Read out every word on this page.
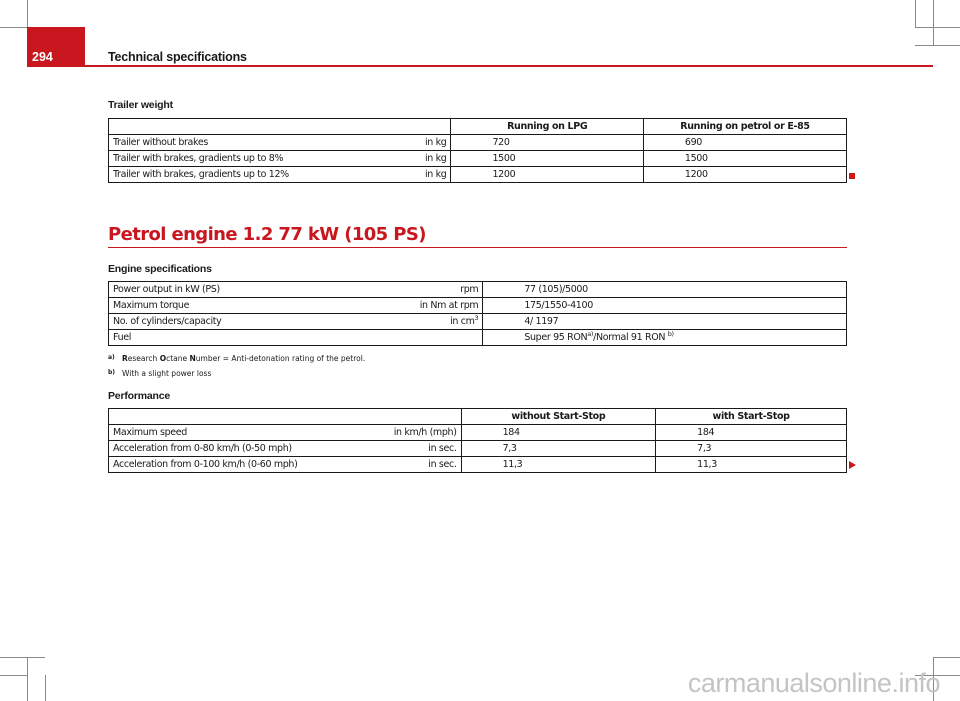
294	Technical specifications
Trailer weight
		Running on LPG	Running on petrol or E-85
Trailer without brakes	in kg	720	690
Trailer with brakes, gradients up to 8%	in kg	1500	1500
Trailer with brakes, gradients up to 12%	in kg	1200	1200
Petrol engine 1.2 77 kW (105 PS)
Engine specifications
Power output in kW (PS)	rpm	77 (105)/5000
Maximum torque	in Nm at rpm	175/1550-4100
No. of cylinders/capacity	in $cm^3$	4/ 1197
Fuel		Super 95 RON$^{a)}$/Normal 91 RON $^{b)}$
a) Research Octane Number = Anti-detonation rating of the petrol.
b) With a slight power loss
Performance
		without Start-Stop	with Start-Stop
Maximum speed	in km/h (mph)	184	184
Acceleration from 0-80 km/h (0-50 mph)	in sec.	7,3	7,3
Acceleration from 0-100 km/h (0-60 mph)	in sec.	11,3	11,3
carmanualsonline.info
